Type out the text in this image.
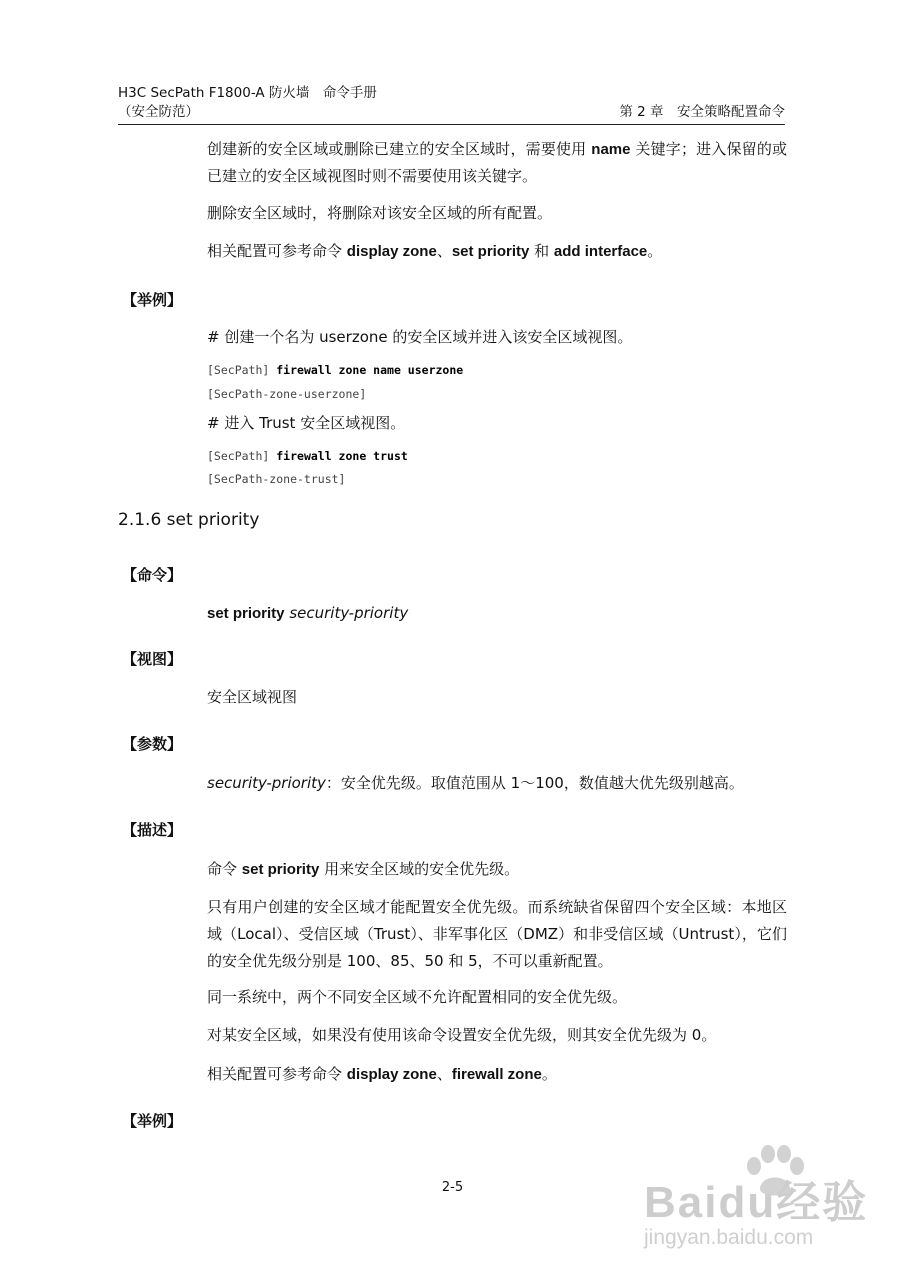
H3C SecPath F1800-A 防火墙　命令手册
（安全防范）	第 2 章　安全策略配置命令
创建新的安全区域或删除已建立的安全区域时，需要使用 name 关键字；进入保留的或已建立的安全区域视图时则不需要使用该关键字。
删除安全区域时，将删除对该安全区域的所有配置。
相关配置可参考命令 display zone、set priority 和 add interface。
【举例】
# 创建一个名为 userzone 的安全区域并进入该安全区域视图。
[SecPath] firewall zone name userzone
[SecPath-zone-userzone]
# 进入 Trust 安全区域视图。
[SecPath] firewall zone trust
[SecPath-zone-trust]
2.1.6 set priority
【命令】
set priority security-priority
【视图】
安全区域视图
【参数】
security-priority：安全优先级。取值范围从 1～100，数值越大优先级别越高。
【描述】
命令 set priority 用来安全区域的安全优先级。
只有用户创建的安全区域才能配置安全优先级。而系统缺省保留四个安全区域：本地区域（Local）、受信区域（Trust）、非军事化区（DMZ）和非受信区域（Untrust），它们的安全优先级分别是 100、85、50 和 5，不可以重新配置。
同一系统中，两个不同安全区域不允许配置相同的安全优先级。
对某安全区域，如果没有使用该命令设置安全优先级，则其安全优先级为 0。
相关配置可参考命令 display zone、firewall zone。
【举例】
2-5	Baidu经验
jingyan.baidu.com
